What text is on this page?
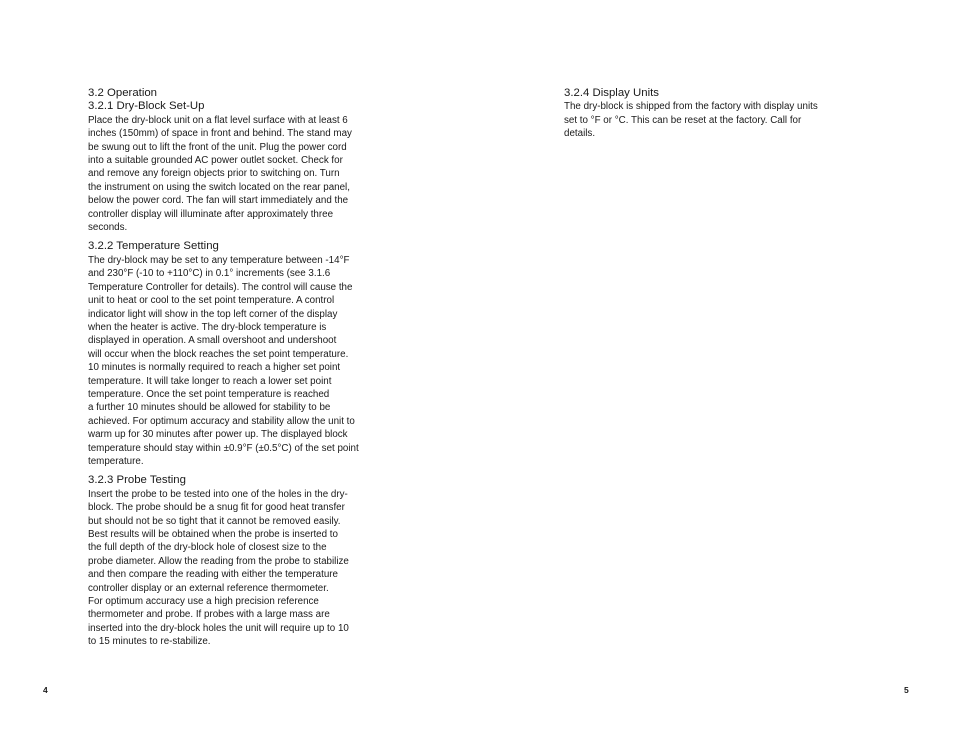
3.2 Operation

3.2.1 Dry-Block Set-Up

Place the dry-block unit on a flat level surface with at least 6
inches (150mm) of space in front and behind. The stand may
be swung out to lift the front of the unit. Plug the power cord
into a suitable grounded AC power outlet socket. Check for
and remove any foreign objects prior to switching on. Turn
the instrument on using the switch located on the rear panel,
below the power cord. The fan will start immediately and the
controller display will illuminate after approximately three
seconds.

3.2.2 Temperature Setting

The dry-block may be set to any temperature between -14°F
and 230°F (-10 to +110°C) in 0.1° increments (see 3.1.6
Temperature Controller for details). The control will cause the
unit to heat or cool to the set point temperature. A control
indicator light will show in the top left corner of the display
when the heater is active. The dry-block temperature is
displayed in operation. A small overshoot and undershoot
will occur when the block reaches the set point temperature.
10 minutes is normally required to reach a higher set point
temperature. It will take longer to reach a lower set point
temperature. Once the set point temperature is reached
a further 10 minutes should be allowed for stability to be
achieved. For optimum accuracy and stability allow the unit to
warm up for 30 minutes after power up. The displayed block
temperature should stay within ±0.9°F (±0.5°C) of the set point
temperature.

3.2.3 Probe Testing

Insert the probe to be tested into one of the holes in the dry-
block. The probe should be a snug fit for good heat transfer
but should not be so tight that it cannot be removed easily.
Best results will be obtained when the probe is inserted to
the full depth of the dry-block hole of closest size to the
probe diameter. Allow the reading from the probe to stabilize
and then compare the reading with either the temperature
controller display or an external reference thermometer.
For optimum accuracy use a high precision reference
thermometer and probe. If probes with a large mass are
inserted into the dry-block holes the unit will require up to 10
to 15 minutes to re-stabilize.

3.2.4 Display Units

The dry-block is shipped from the factory with display units
set to °F or °C. This can be reset at the factory. Call for
details.

4	5
